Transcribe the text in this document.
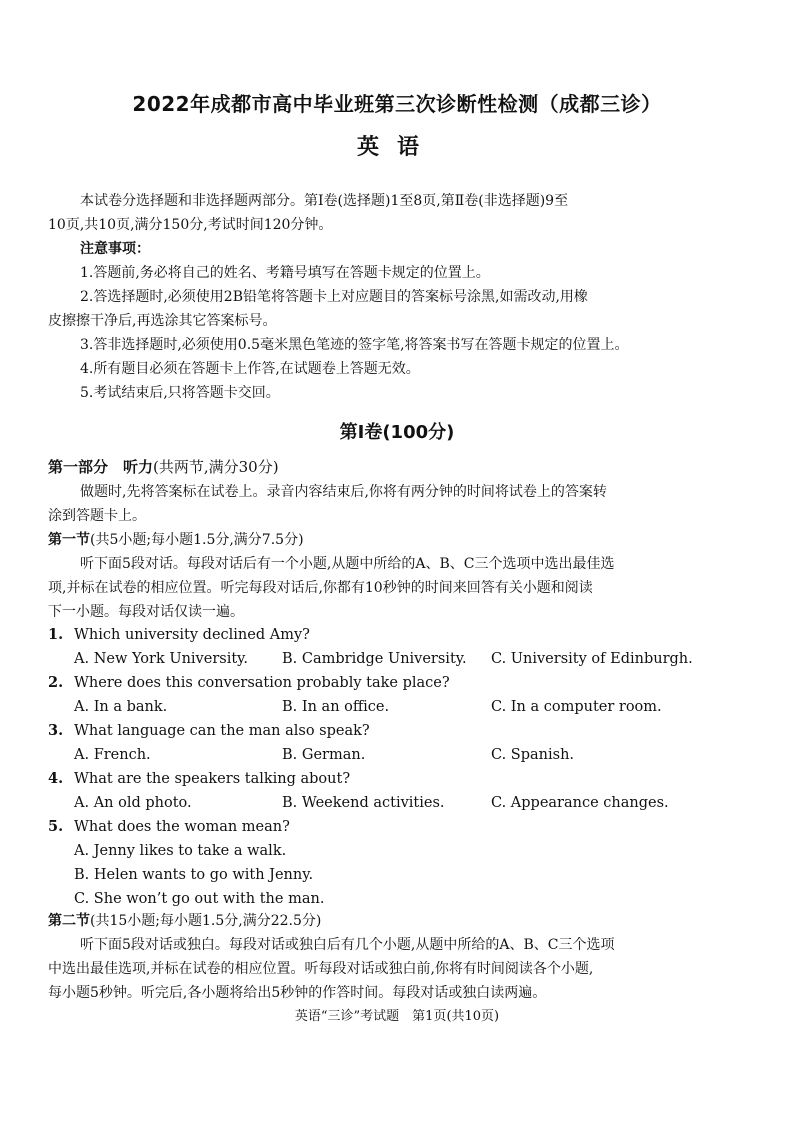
2022年成都市高中毕业班第三次诊断性检测（成都三诊）
英语
本试卷分选择题和非选择题两部分。第Ⅰ卷(选择题)1至8页,第Ⅱ卷(非选择题)9至
10页,共10页,满分150分,考试时间120分钟。
注意事项：
1.答题前,务必将自己的姓名、考籍号填写在答题卡规定的位置上。
2.答选择题时,必须使用2B铅笔将答题卡上对应题目的答案标号涂黑,如需改动,用橡
皮擦擦干净后,再选涂其它答案标号。
3.答非选择题时,必须使用0.5毫米黑色笔迹的签字笔,将答案书写在答题卡规定的位置上。
4.所有题目必须在答题卡上作答,在试题卷上答题无效。
5.考试结束后,只将答题卡交回。
第Ⅰ卷(100分)
第一部分　听力(共两节,满分30分)
做题时,先将答案标在试卷上。录音内容结束后,你将有两分钟的时间将试卷上的答案转
涂到答题卡上。
第一节(共5小题;每小题1.5分,满分7.5分)
听下面5段对话。每段对话后有一个小题,从题中所给的A、B、C三个选项中选出最佳选
项,并标在试卷的相应位置。听完每段对话后,你都有10秒钟的时间来回答有关小题和阅读
下一小题。每段对话仅读一遍。
1. Which university declined Amy?
A. New York University. B. Cambridge University. C. University of Edinburgh.
2. Where does this conversation probably take place?
A. In a bank.	B. In an office.	C. In a computer room.
3. What language can the man also speak?
A. French.	B. German.	C. Spanish.
4. What are the speakers talking about?
A. An old photo.	B. Weekend activities.	C. Appearance changes.
5. What does the woman mean?
A. Jenny likes to take a walk.
B. Helen wants to go with Jenny.
C. She won’t go out with the man.
第二节(共15小题;每小题1.5分,满分22.5分)
听下面5段对话或独白。每段对话或独白后有几个小题,从题中所给的A、B、C三个选项
中选出最佳选项,并标在试卷的相应位置。听每段对话或独白前,你将有时间阅读各个小题,
每小题5秒钟。听完后,各小题将给出5秒钟的作答时间。每段对话或独白读两遍。
英语“三诊”考试题　第1页(共10页)
